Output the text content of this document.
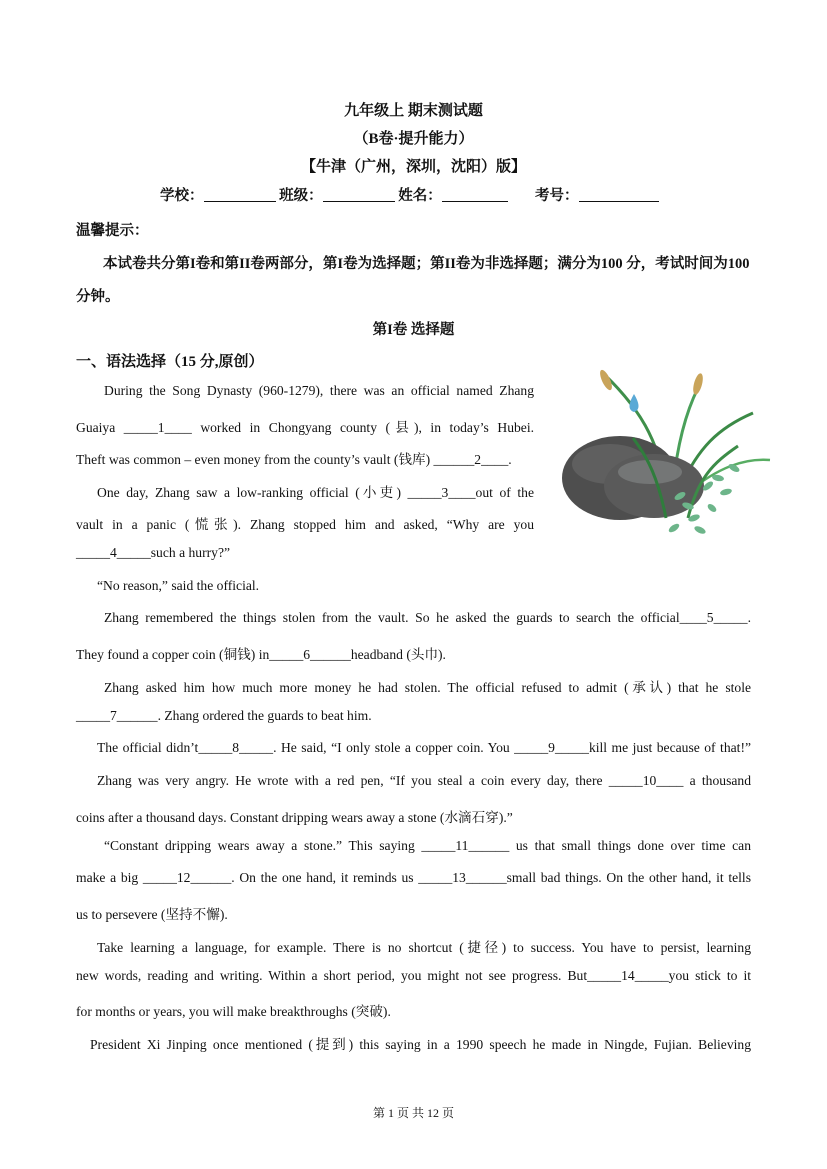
九年级上 期末测试题
（B卷·提升能力）
【牛津（广州，深圳，沈阳）版】
学校：	班级：	姓名：	考号：
温馨提示：
本试卷共分第I卷和第II卷两部分，第I卷为选择题；第II卷为非选择题；满分为100 分，考试时间为100
分钟。
第I卷 选择题
一、语法选择（15 分,原创）
During the Song Dynasty (960-1279), there was an official named Zhang
Guaiya _____1____ worked in Chongyang county (县), in today’s Hubei.
Theft was common – even money from the county’s vault (钱库) ______2____.
One day, Zhang saw a low-ranking official (小吏) _____3____out of the
vault in a panic (慌张). Zhang stopped him and asked, “Why are you
_____4_____such a hurry?”
“No reason,” said the official.
Zhang remembered the things stolen from the vault. So he asked the guards to search the official____5_____.
They found a copper coin (铜钱) in_____6______headband (头巾).
Zhang asked him how much more money he had stolen. The official refused to admit (承认) that he stole
_____7______. Zhang ordered the guards to beat him.
The official didn’t_____8_____. He said, “I only stole a copper coin. You _____9_____kill me just because of that!”
Zhang was very angry. He wrote with a red pen, “If you steal a coin every day, there _____10____ a thousand
coins after a thousand days. Constant dripping wears away a stone (水滴石穿).”
“Constant dripping wears away a stone.” This saying _____11______ us that small things done over time can
make a big _____12______. On the one hand, it reminds us _____13______small bad things. On the other hand, it tells
us to persevere (坚持不懈).
Take learning a language, for example. There is no shortcut (捷径) to success. You have to persist, learning
new words, reading and writing. Within a short period, you might not see progress. But_____14_____you stick to it
for months or years, you will make breakthroughs (突破).
President Xi Jinping once mentioned (提到) this saying in a 1990 speech he made in Ningde, Fujian. Believing
第 1 页 共 12 页
